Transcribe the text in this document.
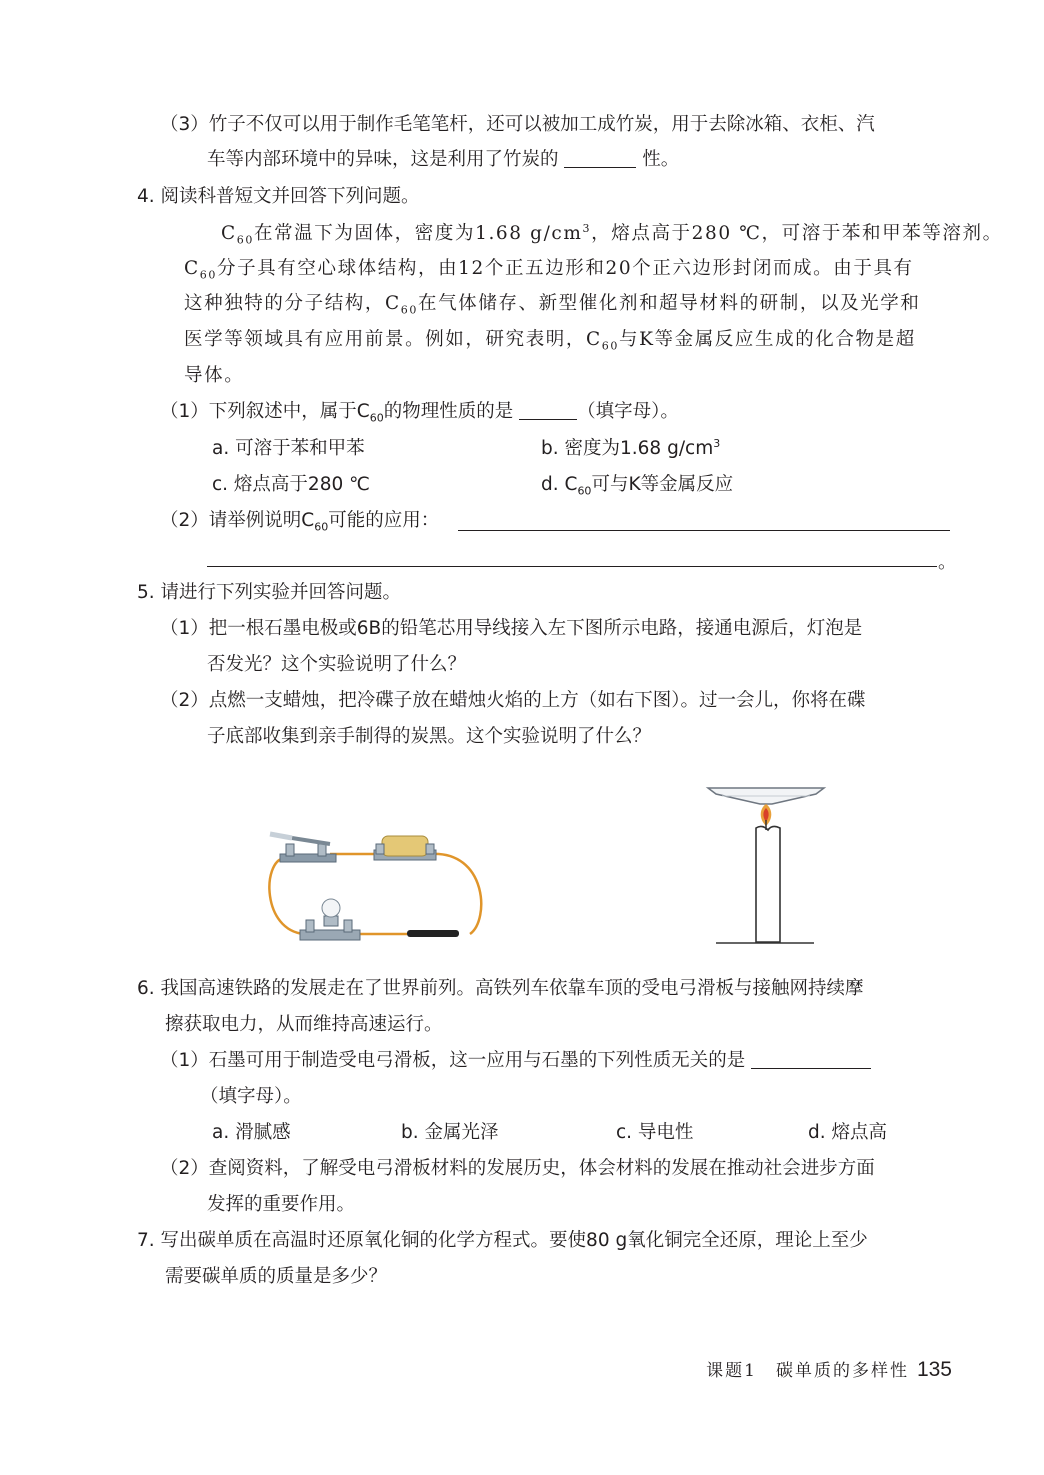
（3）竹子不仅可以用于制作毛笔笔杆，还可以被加工成竹炭，用于去除冰箱、衣柜、汽
车等内部环境中的异味，这是利用了竹炭的	性。
4. 阅读科普短文并回答下列问题。
$C_{60}$在常温下为固体，密度为1.68 $g/cm^3$，熔点高于280 ℃，可溶于苯和甲苯等溶剂。
$C_{60}$分子具有空心球体结构，由12个正五边形和20个正六边形封闭而成。由于具有
这种独特的分子结构，$C_{60}$在气体储存、新型催化剂和超导材料的研制，以及光学和
医学等领域具有应用前景。例如，研究表明，$C_{60}$与K等金属反应生成的化合物是超
导体。
（1）下列叙述中，属于$C_{60}$的物理性质的是	（填字母）。
a. 可溶于苯和甲苯	b. 密度为1.68 $g/cm^3$
c. 熔点高于280 ℃	d. $C_{60}$可与K等金属反应
（2）请举例说明$C_{60}$可能的应用：
。
5. 请进行下列实验并回答问题。
（1）把一根石墨电极或6B的铅笔芯用导线接入左下图所示电路，接通电源后，灯泡是
否发光？这个实验说明了什么？
（2）点燃一支蜡烛，把冷碟子放在蜡烛火焰的上方（如右下图）。过一会儿，你将在碟
子底部收集到亲手制得的炭黑。这个实验说明了什么？
6. 我国高速铁路的发展走在了世界前列。高铁列车依靠车顶的受电弓滑板与接触网持续摩
擦获取电力，从而维持高速运行。
（1）石墨可用于制造受电弓滑板，这一应用与石墨的下列性质无关的是
（填字母）。
a. 滑腻感	b. 金属光泽	c. 导电性	d. 熔点高
（2）查阅资料，了解受电弓滑板材料的发展历史，体会材料的发展在推动社会进步方面
发挥的重要作用。
7. 写出碳单质在高温时还原氧化铜的化学方程式。要使80 g氧化铜完全还原，理论上至少
需要碳单质的质量是多少？
课题1　碳单质的多样性 135
